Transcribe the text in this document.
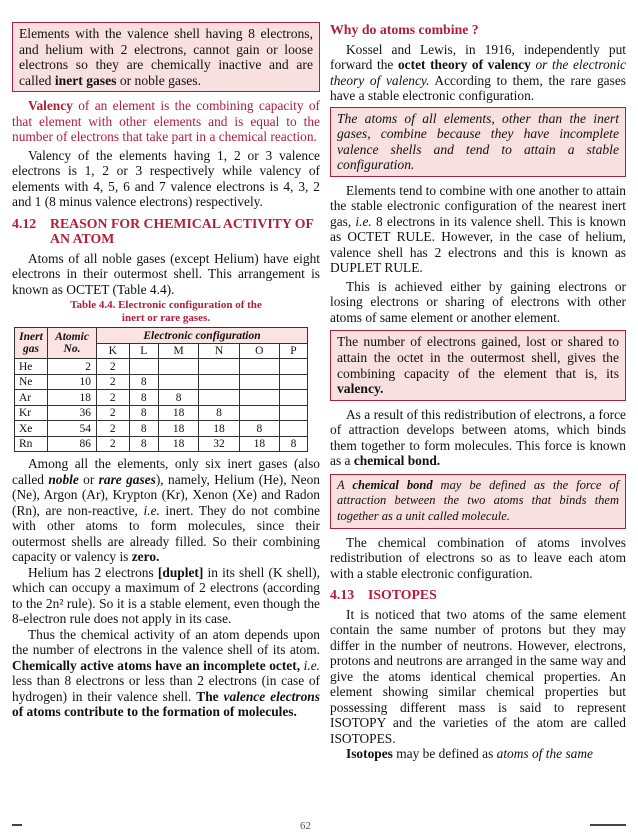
Elements with the valence shell having 8 electrons, and helium with 2 electrons, cannot gain or loose electrons so they are chemically inactive and are called inert gases or noble gases.

Valency of an element is the combining capacity of that element with other elements and is equal to the number of electrons that take part in a chemical reaction.

Valency of the elements having 1, 2 or 3 valence electrons is 1, 2 or 3 respectively while valency of elements with 4, 5, 6 and 7 valence electrons is 4, 3, 2 and 1 (8 minus valence electrons) respectively.

4.12 REASON FOR CHEMICAL ACTIVITY OF
AN ATOM

Atoms of all noble gases (except Helium) have eight electrons in their outermost shell. This arrangement is known as OCTET (Table 4.4).

Table 4.4. Electronic configuration of the
inert or rare gases.
Inert
gas	Atomic
No.	Electronic configuration					
		K	L	M	N	O	P
He	2	2					
Ne	10	2	8				
Ar	18	2	8	8			
Kr	36	2	8	18	8		
Xe	54	2	8	18	18	8	
Rn	86	2	8	18	32	18	8

Among all the elements, only six inert gases (also called noble or rare gases), namely, Helium (He), Neon (Ne), Argon (Ar), Krypton (Kr), Xenon (Xe) and Radon (Rn), are non-reactive, i.e. inert. They do not combine with other atoms to form molecules, since their outermost shells are already filled. So their combining capacity or valency is zero.

Helium has 2 electrons [duplet] in its shell (K shell), which can occupy a maximum of 2 electrons (according to the 2n² rule). So it is a stable element, even though the 8-electron rule does not apply in its case.

Thus the chemical activity of an atom depends upon the number of electrons in the valence shell of its atom. Chemically active atoms have an incomplete octet, i.e. less than 8 electrons or less than 2 electrons (in case of hydrogen) in their valence shell. The valence electrons of atoms contribute to the formation of molecules.

Why do atoms combine ?

Kossel and Lewis, in 1916, independently put forward the octet theory of valency or the electronic theory of valency. According to them, the rare gases have a stable electronic configuration.

The atoms of all elements, other than the inert gases, combine because they have incomplete valence shells and tend to attain a stable configuration.

Elements tend to combine with one another to attain the stable electronic configuration of the nearest inert gas, i.e. 8 electrons in its valence shell. This is known as OCTET RULE. However, in the case of helium, valence shell has 2 electrons and this is known as DUPLET RULE.

This is achieved either by gaining electrons or losing electrons or sharing of electrons with other atoms of same element or another element.

The number of electrons gained, lost or shared to attain the octet in the outermost shell, gives the combining capacity of the element that is, its valency.

As a result of this redistribution of electrons, a force of attraction develops between atoms, which binds them together to form molecules. This force is known as a chemical bond.

A chemical bond may be defined as the force of attraction between the two atoms that binds them together as a unit called molecule.

The chemical combination of atoms involves redistribution of electrons so as to leave each atom with a stable electronic configuration.

4.13 ISOTOPES

It is noticed that two atoms of the same element contain the same number of protons but they may differ in the number of neutrons. However, electrons, protons and neutrons are arranged in the same way and give the atoms identical chemical properties. An element showing similar chemical properties but possessing different mass is said to represent ISOTOPY and the varieties of the atom are called ISOTOPES.

Isotopes may be defined as atoms of the same

62
